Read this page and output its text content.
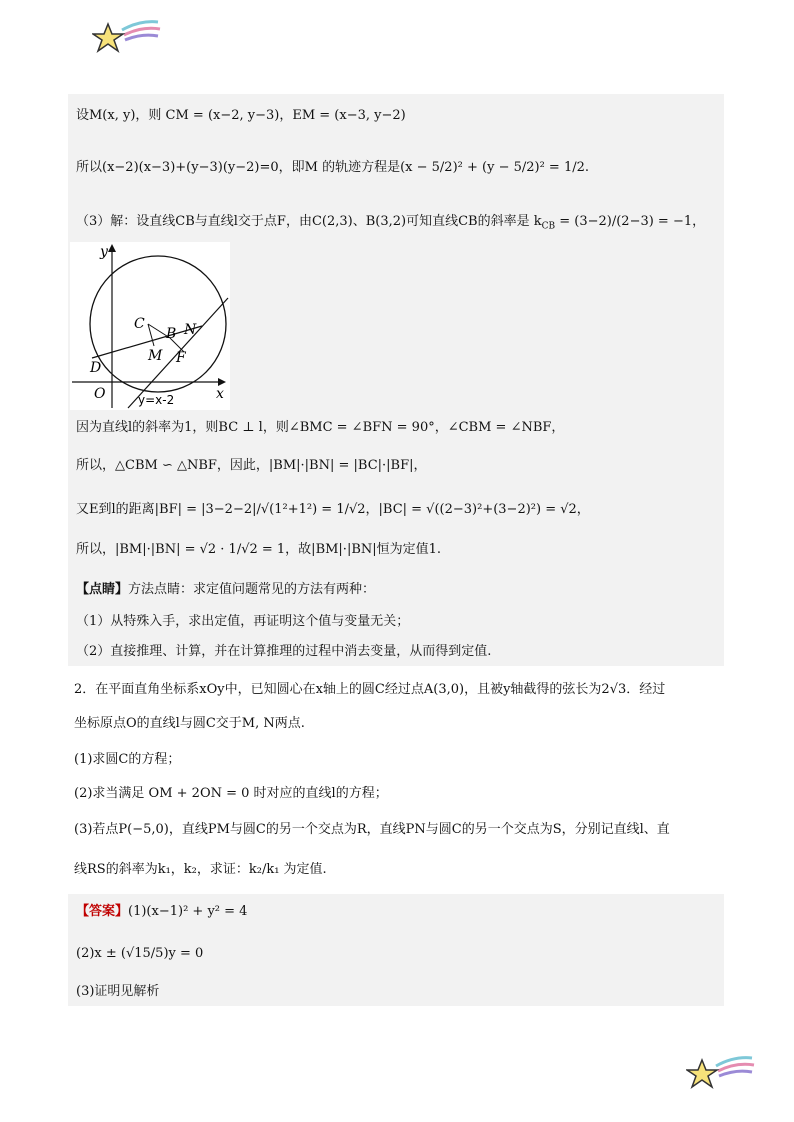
设M(x, y)，则 CM = (x−2, y−3)，EM = (x−3, y−2)
所以(x−2)(x−3)+(y−3)(y−2)=0，即M 的轨迹方程是(x − 5/2)² + (y − 5/2)² = 1/2.
（3）解：设直线CB与直线l交于点F，由C(2,3)、B(3,2)可知直线CB的斜率是 $k_{CB} = (3-2)/(2-3) = -1$，
y
x
O
C
B N
M F
D
y=x-2
因为直线l的斜率为1，则BC ⊥ l，则∠BMC = ∠BFN = 90°，∠CBM = ∠NBF，
所以，△CBM ∽ △NBF，因此，|BM|·|BN| = |BC|·|BF|，
又E到l的距离|BF| = |3−2−2|/√(1²+1²) = 1/√2，|BC| = √((2−3)²+(3−2)²) = √2，
所以，|BM|·|BN| = √2 · 1/√2 = 1，故|BM|·|BN|恒为定值1.
【点睛】方法点睛：求定值问题常见的方法有两种：
（1）从特殊入手，求出定值，再证明这个值与变量无关；
（2）直接推理、计算，并在计算推理的过程中消去变量，从而得到定值.
2．在平面直角坐标系xOy中，已知圆心在x轴上的圆C经过点A(3,0)，且被y轴截得的弦长为2√3．经过
坐标原点O的直线l与圆C交于M, N两点.
(1)求圆C的方程；
(2)求当满足 OM + 2ON = 0 时对应的直线l的方程；
(3)若点P(−5,0)，直线PM与圆C的另一个交点为R，直线PN与圆C的另一个交点为S，分别记直线l、直
线RS的斜率为k₁，k₂，求证：k₂/k₁ 为定值.
【答案】(1)(x−1)² + y² = 4
(2)x ± (√15/5)y = 0
(3)证明见解析
